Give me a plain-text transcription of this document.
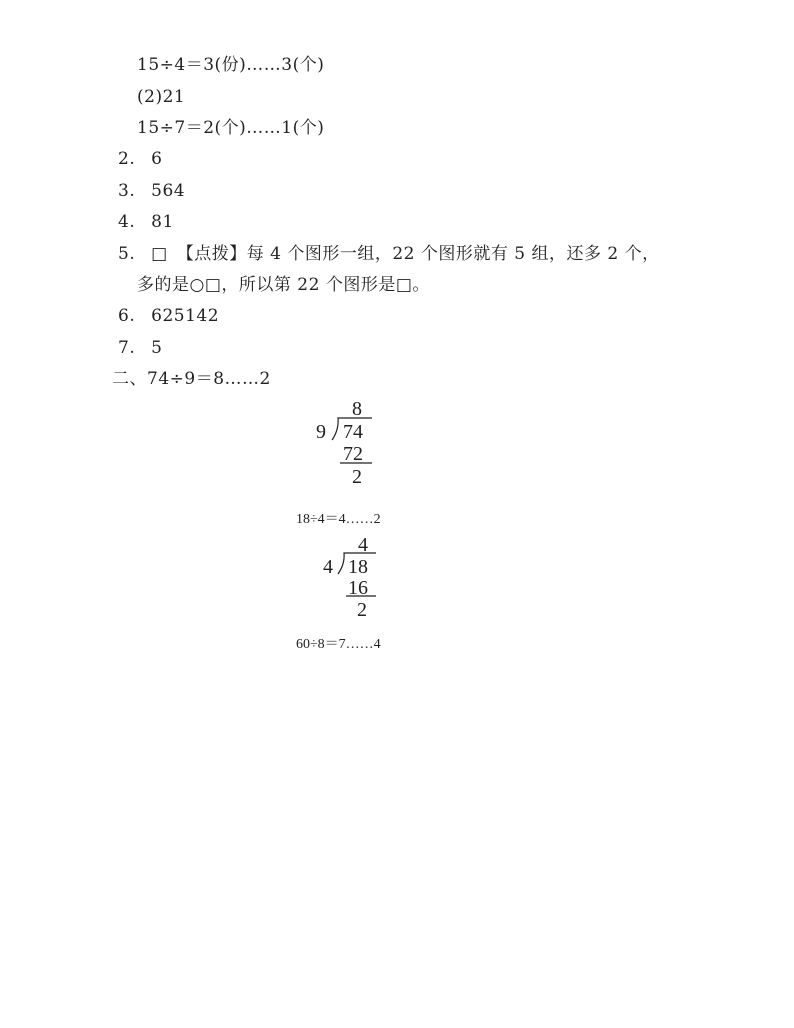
15÷4＝3(份)……3(个)
(2)21
15÷7＝2(个)……1(个)
2. 6
3. 564
4. 81
5. □　【点拨】每 4 个图形一组，22 个图形就有 5 组，还多 2 个，
多的是○□，所以第 22 个图形是□。
6. 625142
7. 5
二、74÷9＝8……2
8
9 74
72
2
18÷4＝4……2
4
4 18
16
2
60÷8＝7……4
